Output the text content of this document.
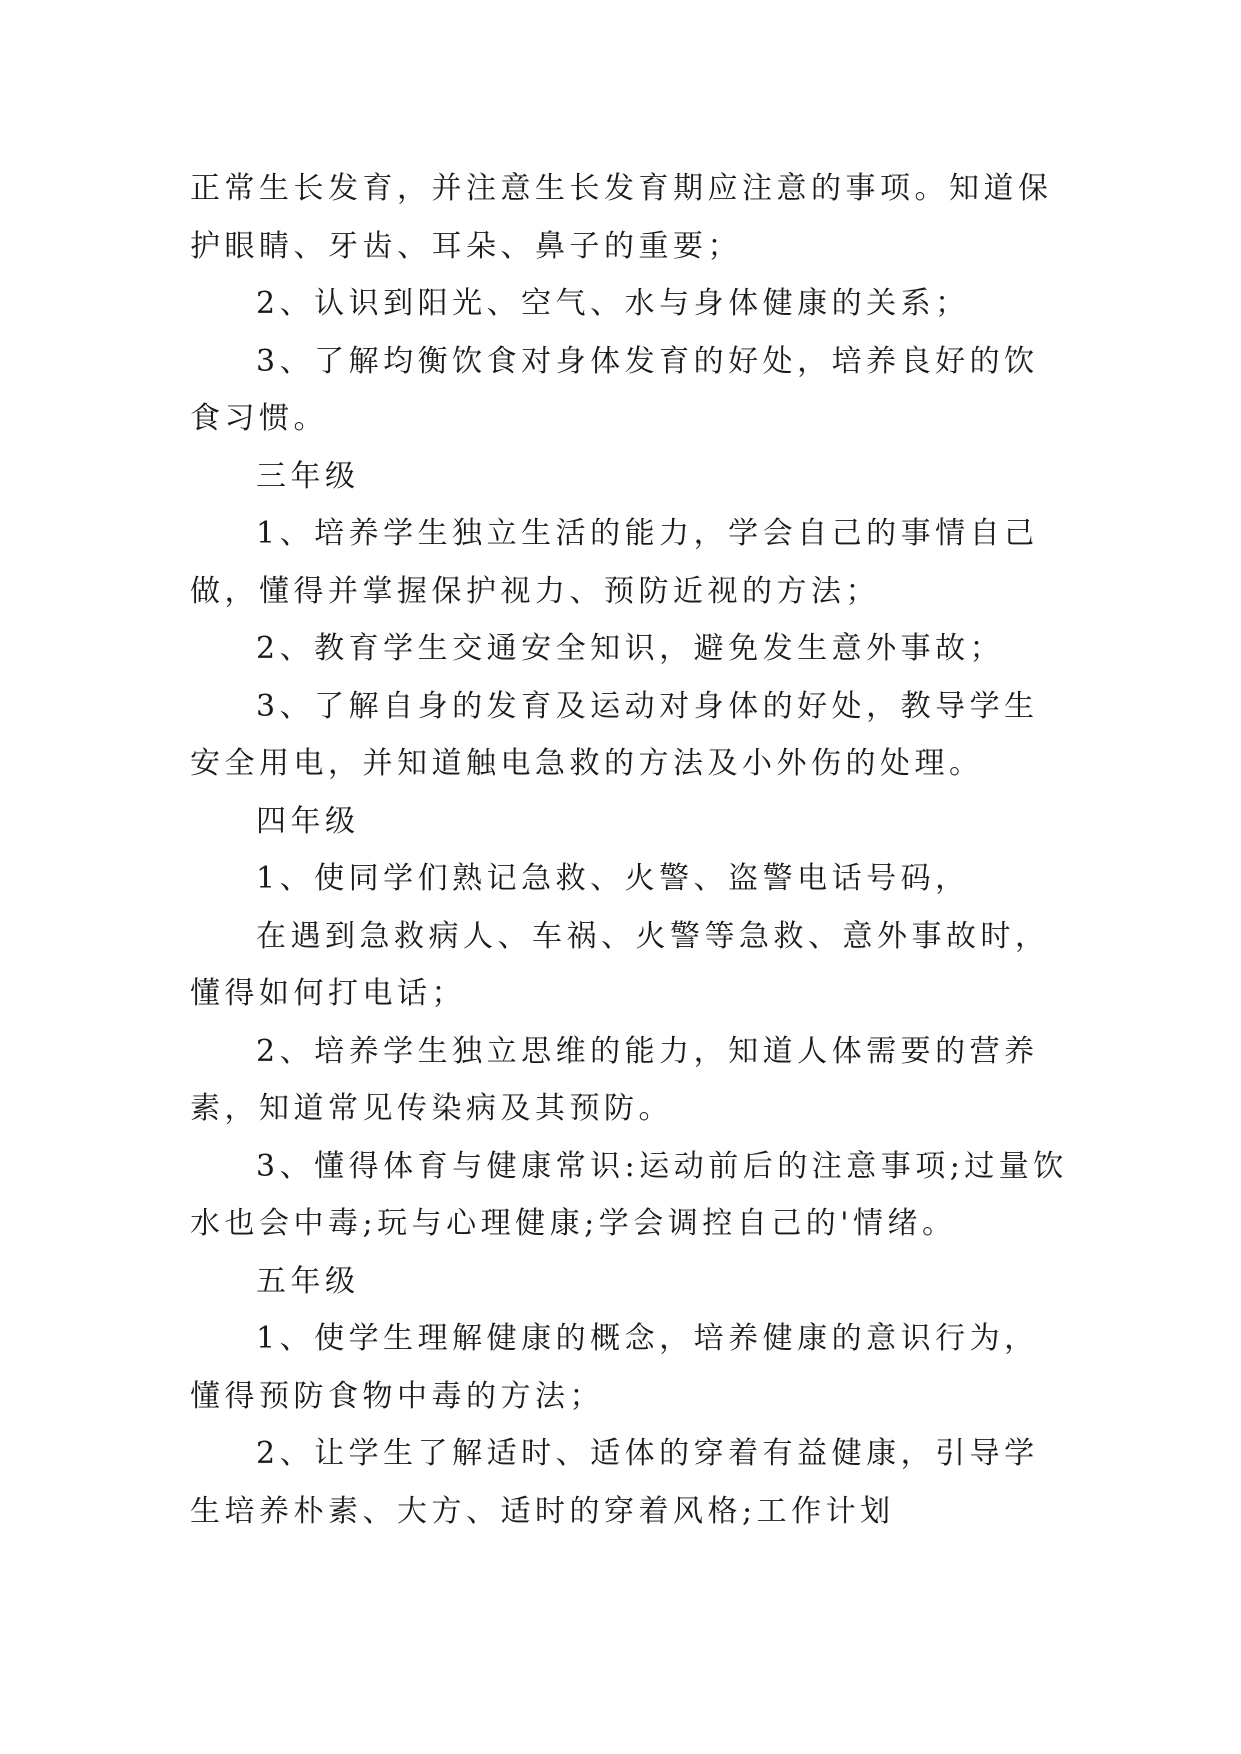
正常生长发育，并注意生长发育期应注意的事项。知道保护眼睛、牙齿、耳朵、鼻子的重要；

2、认识到阳光、空气、水与身体健康的关系；

3、了解均衡饮食对身体发育的好处，培养良好的饮食习惯。

三年级

1、培养学生独立生活的能力，学会自己的事情自己做，懂得并掌握保护视力、预防近视的方法；

2、教育学生交通安全知识，避免发生意外事故；

3、了解自身的发育及运动对身体的好处，教导学生安全用电，并知道触电急救的方法及小外伤的处理。

四年级

1、使同学们熟记急救、火警、盗警电话号码，

在遇到急救病人、车祸、火警等急救、意外事故时，懂得如何打电话；

2、培养学生独立思维的能力，知道人体需要的营养素，知道常见传染病及其预防。

3、懂得体育与健康常识:运动前后的注意事项;过量饮水也会中毒;玩与心理健康;学会调控自己的'情绪。

五年级

1、使学生理解健康的概念，培养健康的意识行为，懂得预防食物中毒的方法；

2、让学生了解适时、适体的穿着有益健康，引导学生培养朴素、大方、适时的穿着风格;工作计划
